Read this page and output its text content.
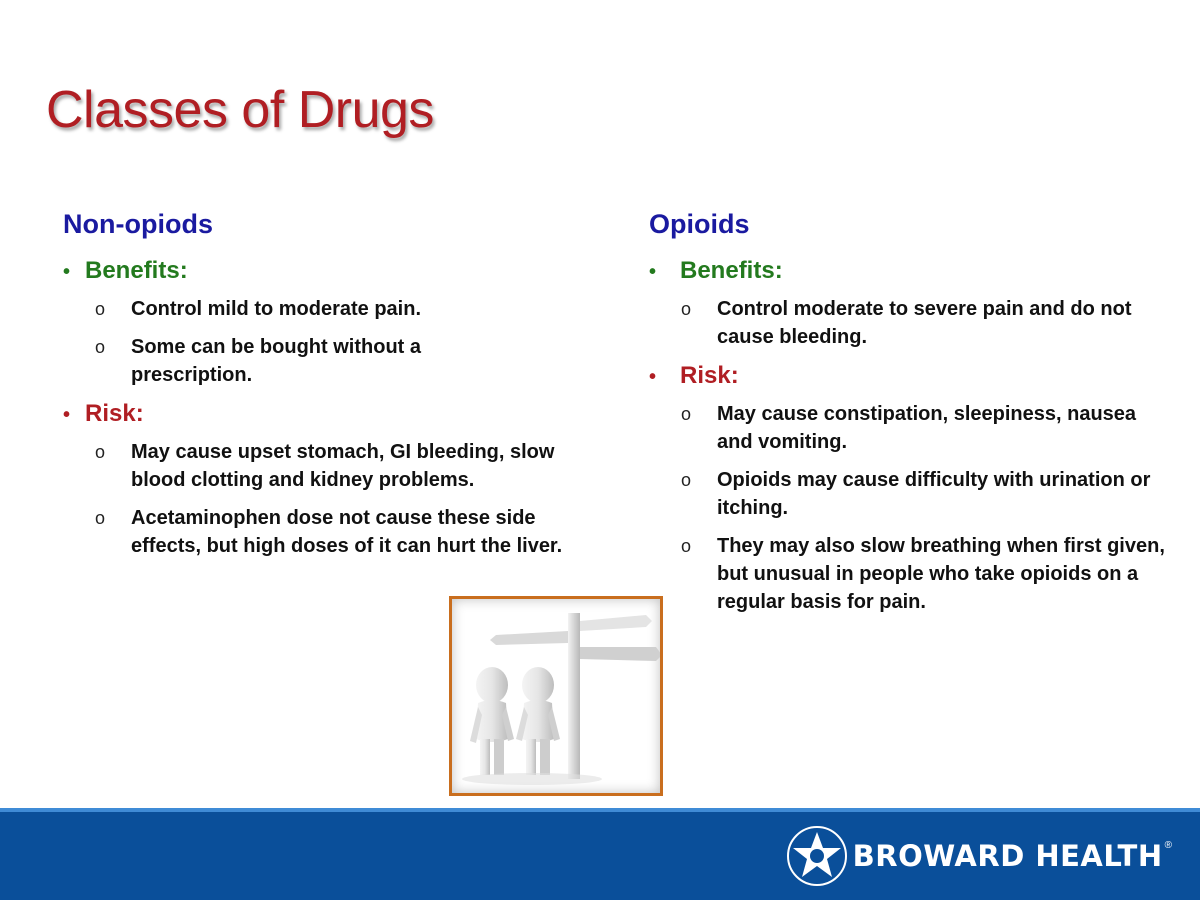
Classes of Drugs
Non-opiods
• Benefits:
o	Control mild to moderate pain.
o	Some can be bought without a prescription.
• Risk:
o	May cause upset stomach, GI bleeding, slow blood clotting and kidney problems.
o	Acetaminophen dose not cause these side effects, but high doses of it can hurt the liver.
Opioids
• Benefits:
o	Control moderate to severe pain and do not cause bleeding.
• Risk:
o	May cause constipation, sleepiness, nausea and vomiting.
o	Opioids may cause difficulty with urination or itching.
o	They may also slow breathing when first given, but unusual in people who take opioids on a regular basis for pain.
BROWARD HEALTH ®
